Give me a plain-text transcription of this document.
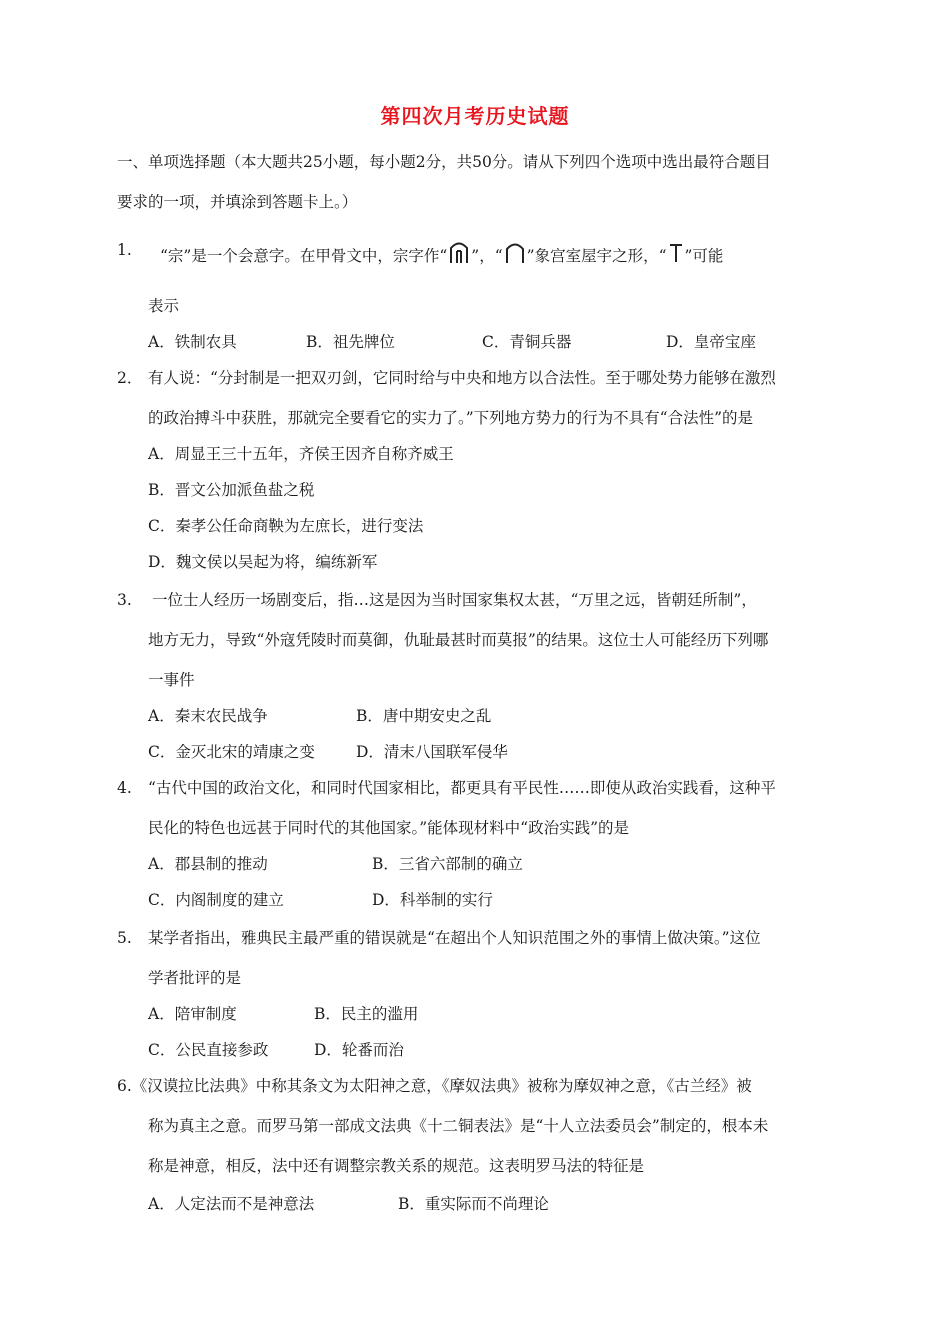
第四次月考历史试题
一、单项选择题（本大题共25小题，每小题2分，共50分。请从下列四个选项中选出最符合题目
要求的一项，并填涂到答题卡上。）
1. “宗”是一个会意字。在甲骨文中，宗字作“ ”，“ ”象宫室屋宇之形，“ ”可能
表示
A．铁制农具	B．祖先牌位	C．青铜兵器	D．皇帝宝座
2． 有人说：“分封制是一把双刃剑，它同时给与中央和地方以合法性。至于哪处势力能够在激烈
的政治搏斗中获胜，那就完全要看它的实力了。”下列地方势力的行为不具有“合法性”的是
A．周显王三十五年，齐侯王因齐自称齐威王
B．晋文公加派鱼盐之税
C．秦孝公任命商鞅为左庶长，进行变法
D．魏文侯以吴起为将，编练新军
3. 一位士人经历一场剧变后，指…这是因为当时国家集权太甚，“万里之远，皆朝廷所制”，
地方无力，导致“外寇凭陵时而莫御，仇耻最甚时而莫报”的结果。这位士人可能经历下列哪
一事件
A．秦末农民战争	B．唐中期安史之乱
C．金灭北宋的靖康之变	D．清末八国联军侵华
4. “古代中国的政治文化，和同时代国家相比，都更具有平民性……即使从政治实践看，这种平
民化的特色也远甚于同时代的其他国家。”能体现材料中“政治实践”的是
A．郡县制的推动	B．三省六部制的确立
C．内阁制度的建立	D．科举制的实行
5. 某学者指出，雅典民主最严重的错误就是“在超出个人知识范围之外的事情上做决策。”这位
学者批评的是
A．陪审制度	B．民主的滥用
C．公民直接参政	D．轮番而治
6.《汉谟拉比法典》中称其条文为太阳神之意，《摩奴法典》被称为摩奴神之意，《古兰经》被
称为真主之意。而罗马第一部成文法典《十二铜表法》是“十人立法委员会”制定的，根本未
称是神意，相反，法中还有调整宗教关系的规范。这表明罗马法的特征是
A．人定法而不是神意法	B．重实际而不尚理论
